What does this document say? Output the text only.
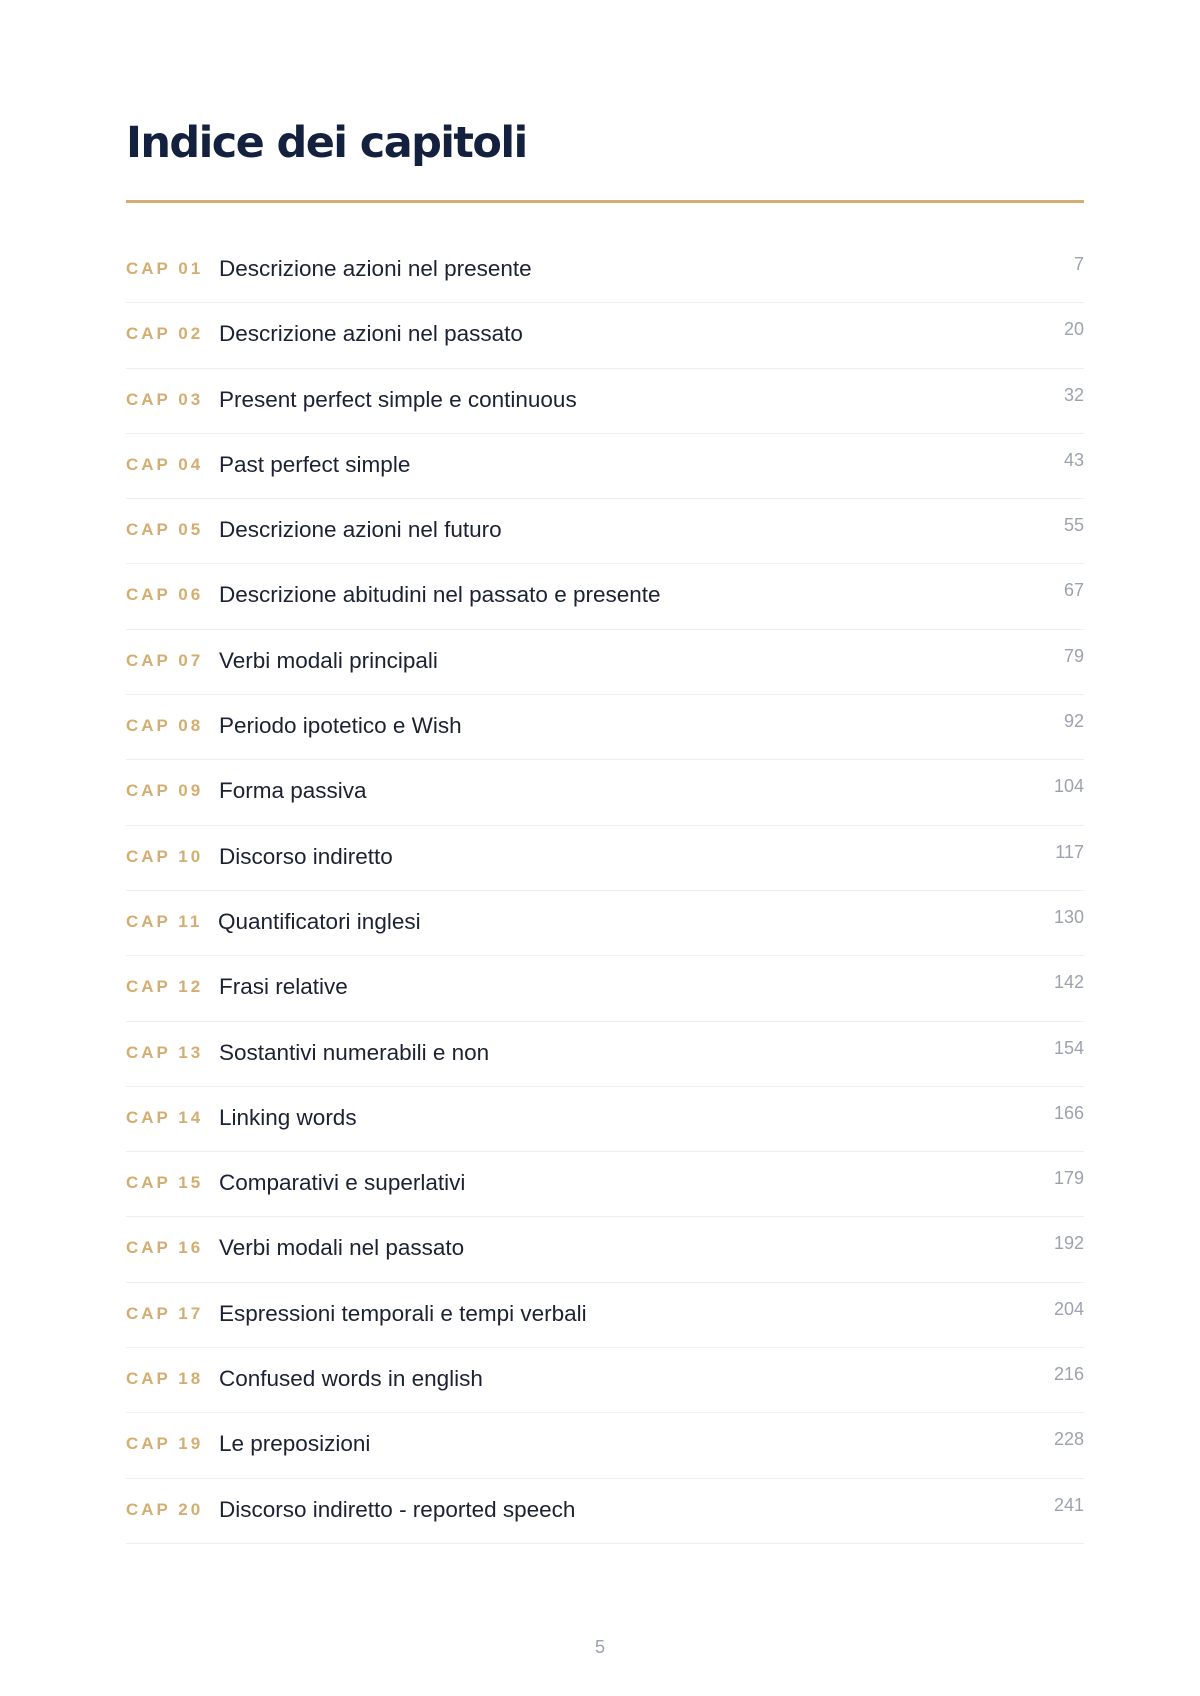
Indice dei capitoli
CAP 01 Descrizione azioni nel presente	7
CAP 02 Descrizione azioni nel passato	20
CAP 03 Present perfect simple e continuous	32
CAP 04 Past perfect simple	43
CAP 05 Descrizione azioni nel futuro	55
CAP 06 Descrizione abitudini nel passato e presente	67
CAP 07 Verbi modali principali	79
CAP 08 Periodo ipotetico e Wish	92
CAP 09 Forma passiva	104
CAP 10 Discorso indiretto	117
CAP 11 Quantificatori inglesi	130
CAP 12 Frasi relative	142
CAP 13 Sostantivi numerabili e non	154
CAP 14 Linking words	166
CAP 15 Comparativi e superlativi	179
CAP 16 Verbi modali nel passato	192
CAP 17 Espressioni temporali e tempi verbali	204
CAP 18 Confused words in english	216
CAP 19 Le preposizioni	228
CAP 20 Discorso indiretto - reported speech	241
5
